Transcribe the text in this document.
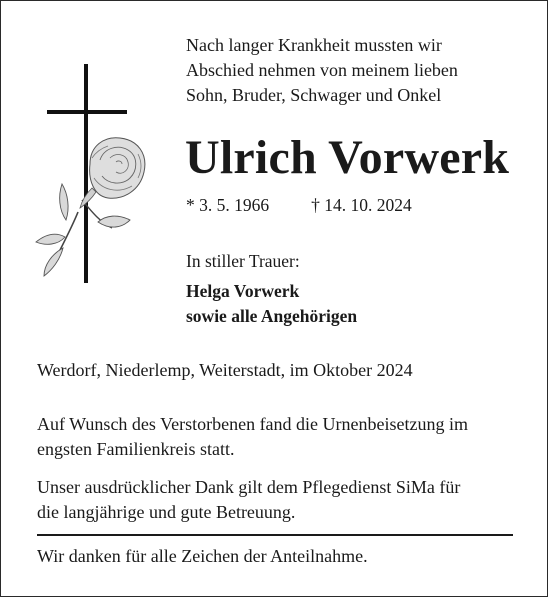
Nach langer Krankheit mussten wir
Abschied nehmen von meinem lieben
Sohn, Bruder, Schwager und Onkel
Ulrich Vorwerk
* 3. 5. 1966 † 14. 10. 2024
In stiller Trauer:
Helga Vorwerk
sowie alle Angehörigen
Werdorf, Niederlemp, Weiterstadt, im Oktober 2024
Auf Wunsch des Verstorbenen fand die Urnenbeisetzung im
engsten Familienkreis statt.
Unser ausdrücklicher Dank gilt dem Pflegedienst SiMa für
die langjährige und gute Betreuung.
Wir danken für alle Zeichen der Anteilnahme.
